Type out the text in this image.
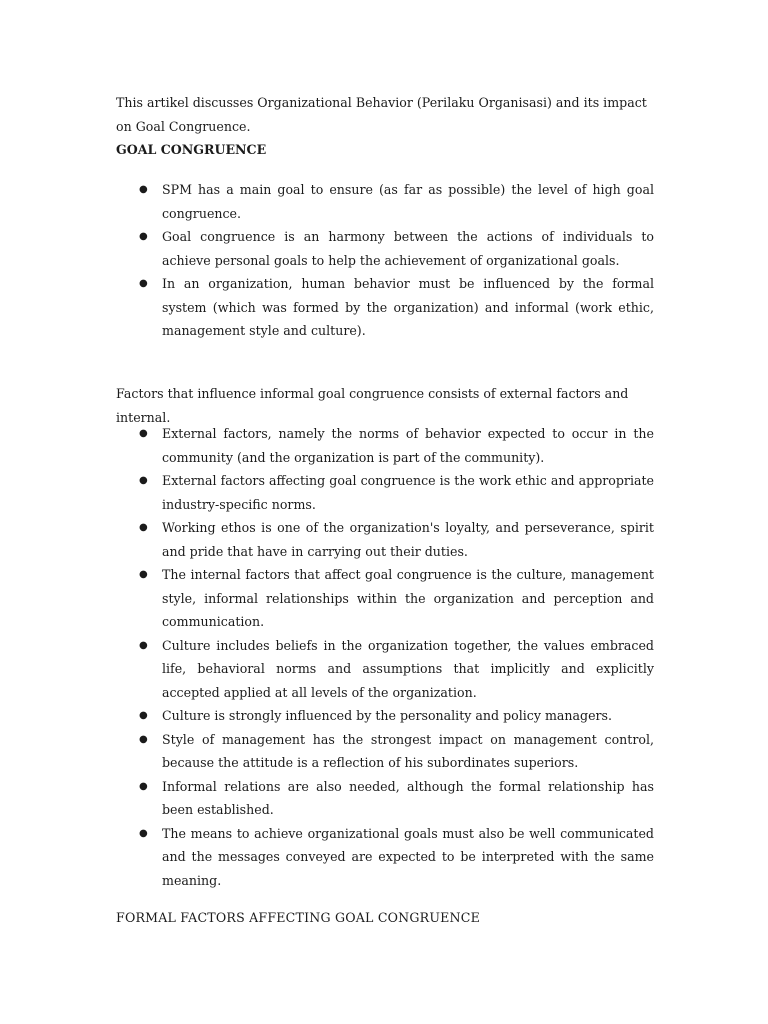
This artikel discusses Organizational Behavior (Perilaku Organisasi) and its impact on Goal Congruence.

GOAL CONGRUENCE

● SPM has a main goal to ensure (as far as possible) the level of high goal congruence.
● Goal congruence is an harmony between the actions of individuals to achieve personal goals to help the achievement of organizational goals.
● In an organization, human behavior must be influenced by the formal system (which was formed by the organization) and informal (work ethic, management style and culture).

Factors that influence informal goal congruence consists of external factors and internal.

● External factors, namely the norms of behavior expected to occur in the community (and the organization is part of the community).
● External factors affecting goal congruence is the work ethic and appropriate industry-specific norms.
● Working ethos is one of the organization's loyalty, and perseverance, spirit and pride that have in carrying out their duties.
● The internal factors that affect goal congruence is the culture, management style, informal relationships within the organization and perception and communication.
● Culture includes beliefs in the organization together, the values embraced life, behavioral norms and assumptions that implicitly and explicitly accepted applied at all levels of the organization.
● Culture is strongly influenced by the personality and policy managers.
● Style of management has the strongest impact on management control, because the attitude is a reflection of his subordinates superiors.
● Informal relations are also needed, although the formal relationship has been established.
● The means to achieve organizational goals must also be well communicated and the messages conveyed are expected to be interpreted with the same meaning.

FORMAL FACTORS AFFECTING GOAL CONGRUENCE
